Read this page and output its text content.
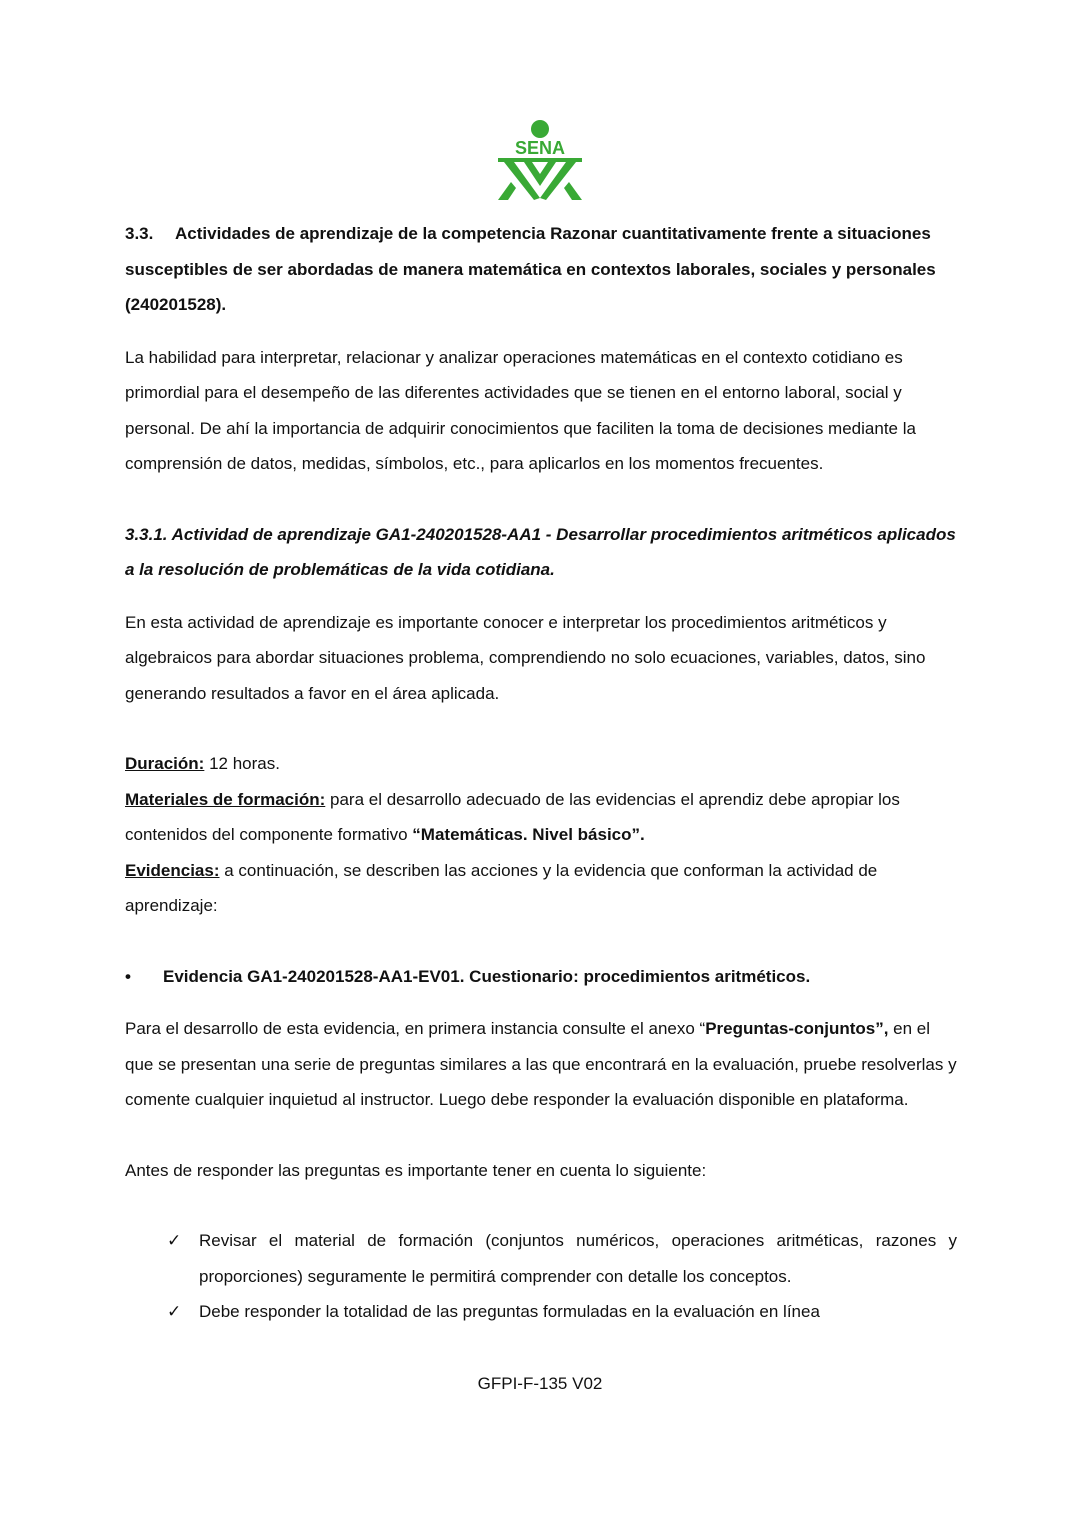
SENA

3.3. Actividades de aprendizaje de la competencia Razonar cuantitativamente frente a situaciones susceptibles de ser abordadas de manera matemática en contextos laborales, sociales y personales (240201528).

La habilidad para interpretar, relacionar y analizar operaciones matemáticas en el contexto cotidiano es primordial para el desempeño de las diferentes actividades que se tienen en el entorno laboral, social y personal. De ahí la importancia de adquirir conocimientos que faciliten la toma de decisiones mediante la comprensión de datos, medidas, símbolos, etc., para aplicarlos en los momentos frecuentes.

3.3.1. Actividad de aprendizaje GA1-240201528-AA1 - Desarrollar procedimientos aritméticos aplicados a la resolución de problemáticas de la vida cotidiana.

En esta actividad de aprendizaje es importante conocer e interpretar los procedimientos aritméticos y algebraicos para abordar situaciones problema, comprendiendo no solo ecuaciones, variables, datos, sino generando resultados a favor en el área aplicada.

Duración: 12 horas.

Materiales de formación: para el desarrollo adecuado de las evidencias el aprendiz debe apropiar los contenidos del componente formativo “Matemáticas. Nivel básico”.

Evidencias: a continuación, se describen las acciones y la evidencia que conforman la actividad de aprendizaje:

•	Evidencia GA1-240201528-AA1-EV01. Cuestionario: procedimientos aritméticos.

Para el desarrollo de esta evidencia, en primera instancia consulte el anexo “Preguntas-conjuntos”, en el que se presentan una serie de preguntas similares a las que encontrará en la evaluación, pruebe resolverlas y comente cualquier inquietud al instructor. Luego debe responder la evaluación disponible en plataforma.

Antes de responder las preguntas es importante tener en cuenta lo siguiente:

✓	Revisar el material de formación (conjuntos numéricos, operaciones aritméticas, razones y proporciones) seguramente le permitirá comprender con detalle los conceptos.
✓	Debe responder la totalidad de las preguntas formuladas en la evaluación en línea
GFPI-F-135 V02
